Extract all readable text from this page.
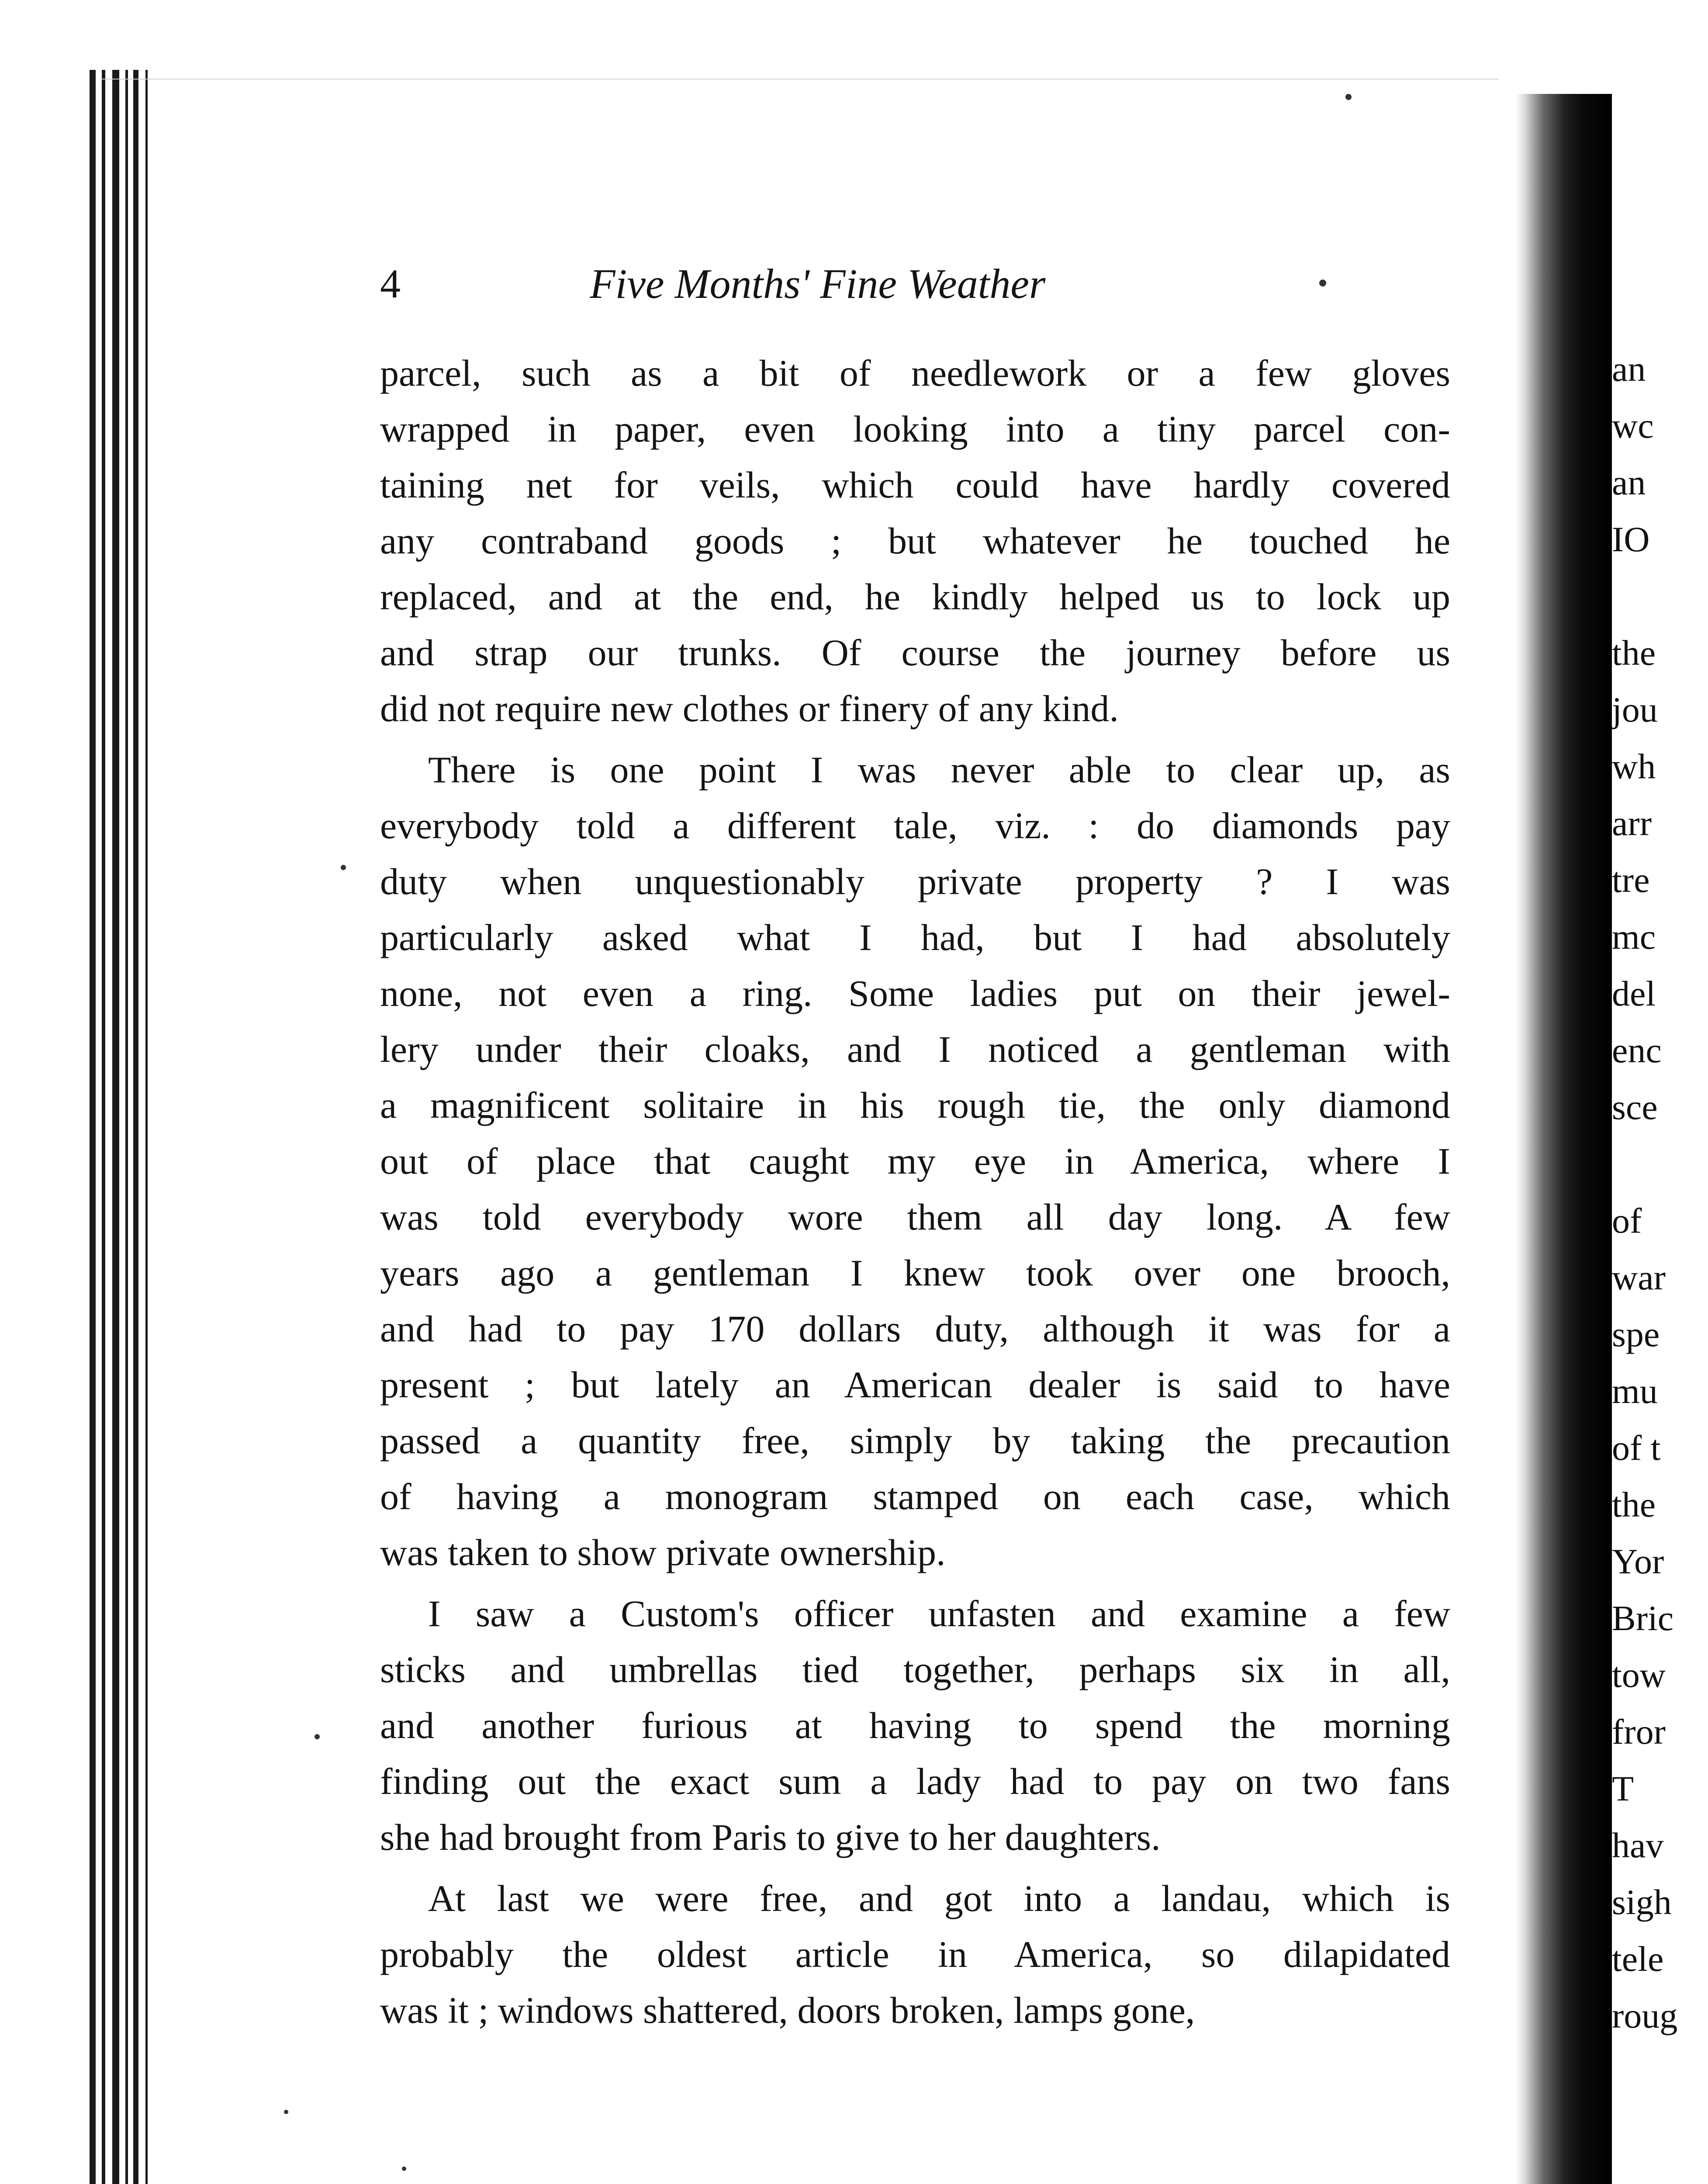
an
wc
an
IO
the
jou
wh
arr
tre
mc
del
enc
sce
of
war
spe
mu
of t
the
Yor
Bric
tow
fror
T
hav
sigh
tele
roug
4	Five Months' Fine Weather
parcel, such as a bit of needlework or a few gloves
wrapped in paper, even looking into a tiny parcel con-
taining net for veils, which could have hardly covered
any contraband goods ; but whatever he touched he
replaced, and at the end, he kindly helped us to lock up
and strap our trunks. Of course the journey before us
did not require new clothes or finery of any kind.
There is one point I was never able to clear up, as
everybody told a different tale, viz. : do diamonds pay
duty when unquestionably private property ? I was
particularly asked what I had, but I had absolutely
none, not even a ring. Some ladies put on their jewel-
lery under their cloaks, and I noticed a gentleman with
a magnificent solitaire in his rough tie, the only diamond
out of place that caught my eye in America, where I
was told everybody wore them all day long. A few
years ago a gentleman I knew took over one brooch,
and had to pay 170 dollars duty, although it was for a
present ; but lately an American dealer is said to have
passed a quantity free, simply by taking the precaution
of having a monogram stamped on each case, which
was taken to show private ownership.
I saw a Custom's officer unfasten and examine a few
sticks and umbrellas tied together, perhaps six in all,
and another furious at having to spend the morning
finding out the exact sum a lady had to pay on two fans
she had brought from Paris to give to her daughters.
At last we were free, and got into a landau, which is
probably the oldest article in America, so dilapidated
was it ; windows shattered, doors broken, lamps gone,
